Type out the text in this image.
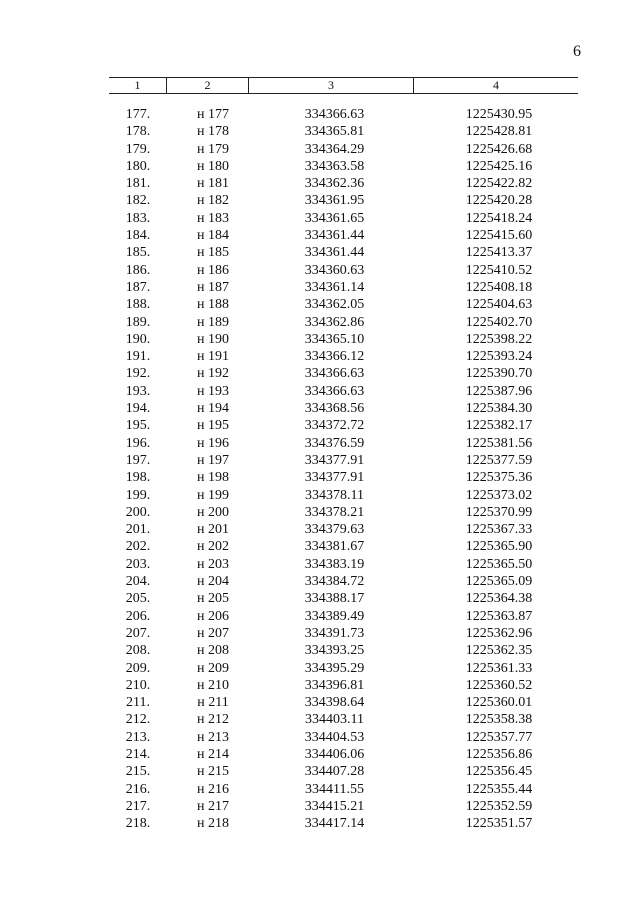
6
1	2	3	4
177.	н 177	334366.63	1225430.95
178.	н 178	334365.81	1225428.81
179.	н 179	334364.29	1225426.68
180.	н 180	334363.58	1225425.16
181.	н 181	334362.36	1225422.82
182.	н 182	334361.95	1225420.28
183.	н 183	334361.65	1225418.24
184.	н 184	334361.44	1225415.60
185.	н 185	334361.44	1225413.37
186.	н 186	334360.63	1225410.52
187.	н 187	334361.14	1225408.18
188.	н 188	334362.05	1225404.63
189.	н 189	334362.86	1225402.70
190.	н 190	334365.10	1225398.22
191.	н 191	334366.12	1225393.24
192.	н 192	334366.63	1225390.70
193.	н 193	334366.63	1225387.96
194.	н 194	334368.56	1225384.30
195.	н 195	334372.72	1225382.17
196.	н 196	334376.59	1225381.56
197.	н 197	334377.91	1225377.59
198.	н 198	334377.91	1225375.36
199.	н 199	334378.11	1225373.02
200.	н 200	334378.21	1225370.99
201.	н 201	334379.63	1225367.33
202.	н 202	334381.67	1225365.90
203.	н 203	334383.19	1225365.50
204.	н 204	334384.72	1225365.09
205.	н 205	334388.17	1225364.38
206.	н 206	334389.49	1225363.87
207.	н 207	334391.73	1225362.96
208.	н 208	334393.25	1225362.35
209.	н 209	334395.29	1225361.33
210.	н 210	334396.81	1225360.52
211.	н 211	334398.64	1225360.01
212.	н 212	334403.11	1225358.38
213.	н 213	334404.53	1225357.77
214.	н 214	334406.06	1225356.86
215.	н 215	334407.28	1225356.45
216.	н 216	334411.55	1225355.44
217.	н 217	334415.21	1225352.59
218.	н 218	334417.14	1225351.57
